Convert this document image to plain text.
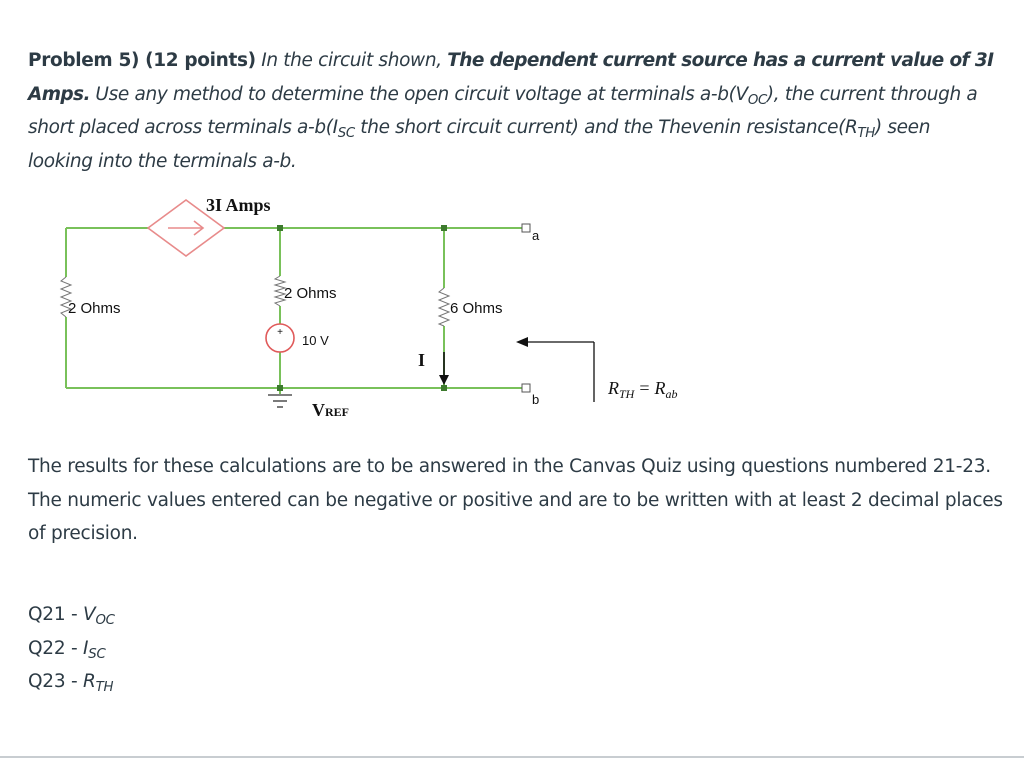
Problem 5) (12 points) In the circuit shown, The dependent current source has a current value of 3I Amps. Use any method to determine the open circuit voltage at terminals $a-b(V_{OC})$, the current through a short placed across terminals $a-b(I_{SC}$ the short circuit current) and the Thevenin $resistance(R_{TH})$ seen looking into the terminals a-b.
3I Amps
2 Ohms
2 Ohms
+
10 V
6 Ohms
I
a
b
VREF
$R_{TH} = R_{ab}$

The results for these calculations are to be answered in the Canvas Quiz using questions numbered 21-23.

The numeric values entered can be negative or positive and are to be written with at least 2 decimal places of precision.

$Q21 - V_{OC}$
$Q22 - I_{SC}$
$Q23 - R_{TH}$
